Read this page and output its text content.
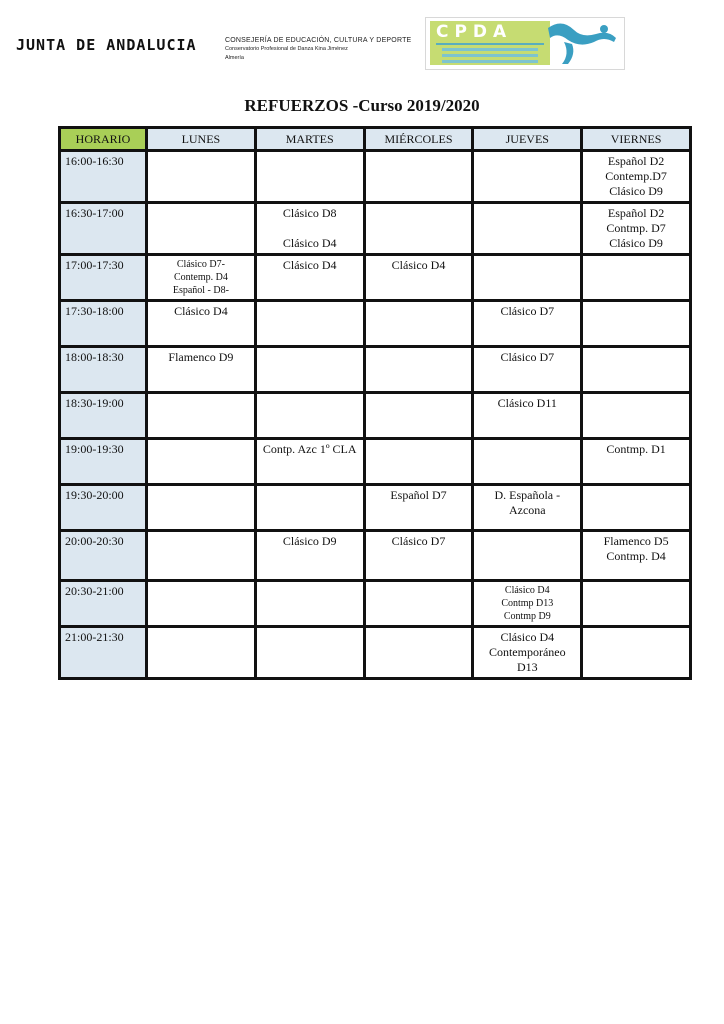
JUNTA DE ANDALUCIA	CONSEJERÍA DE EDUCACIÓN, CULTURA Y DEPORTE
Conservatorio Profesional de Danza Kina Jiménez
Almería
CPDA
REFUERZOS -Curso 2019/2020
HORARIO	LUNES	MARTES	MIÉRCOLES	JUEVES	VIERNES
16:00-16:30					Español D2
Contemp.D7
Clásico D9

16:30-17:00		Clásico D8

Clásico D4			Español D2
Contmp. D7
Clásico D9

17:00-17:30	Clásico D7-
Contemp. D4
Español - D8-	Clásico D4	Clásico D4		

17:30-18:00	Clásico D4			Clásico D7	

18:00-18:30	Flamenco D9			Clásico D7	

18:30-19:00				Clásico D11	

19:00-19:30		Contp. Azc 1º CLA			Contmp. D1

19:30-20:00			Español D7	D. Española -
Azcona	

20:00-20:30		Clásico D9	Clásico D7		Flamenco D5
Contmp. D4

20:30-21:00				Clásico D4
Contmp D13
Contmp D9	

21:00-21:30				Clásico D4
Contemporáneo
D13	
